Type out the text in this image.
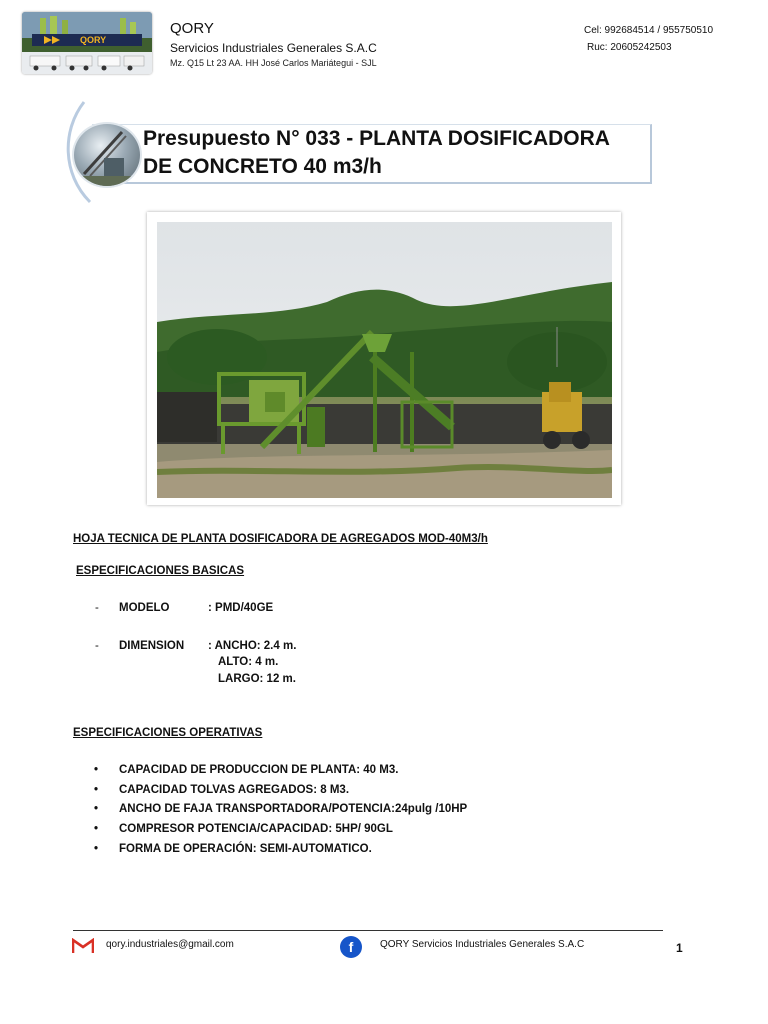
QORY
QORY
Servicios Industriales Generales S.A.C
Mz. Q15 Lt 23 AA. HH José Carlos Mariátegui - SJL
Cel: 992684514 / 955750510
Ruc: 20605242503
Presupuesto N° 033 - PLANTA DOSIFICADORA
DE CONCRETO 40 m3/h
HOJA TECNICA DE PLANTA DOSIFICADORA DE AGREGADOS MOD-40M3/h
ESPECIFICACIONES BASICAS
- MODELO	: PMD/40GE
- DIMENSION : ANCHO: 2.4 m.
ALTO: 4 m.
LARGO: 12 m.
ESPECIFICACIONES OPERATIVAS
• CAPACIDAD DE PRODUCCION DE PLANTA: 40 M3.
• CAPACIDAD TOLVAS AGREGADOS: 8 M3.
• ANCHO DE FAJA TRANSPORTADORA/POTENCIA:24pulg /10HP
• COMPRESOR POTENCIA/CAPACIDAD: 5HP/ 90GL
• FORMA DE OPERACIÓN: SEMI-AUTOMATICO.
qory.industriales@gmail.com	f	QORY Servicios Industriales Generales S.A.C	1
